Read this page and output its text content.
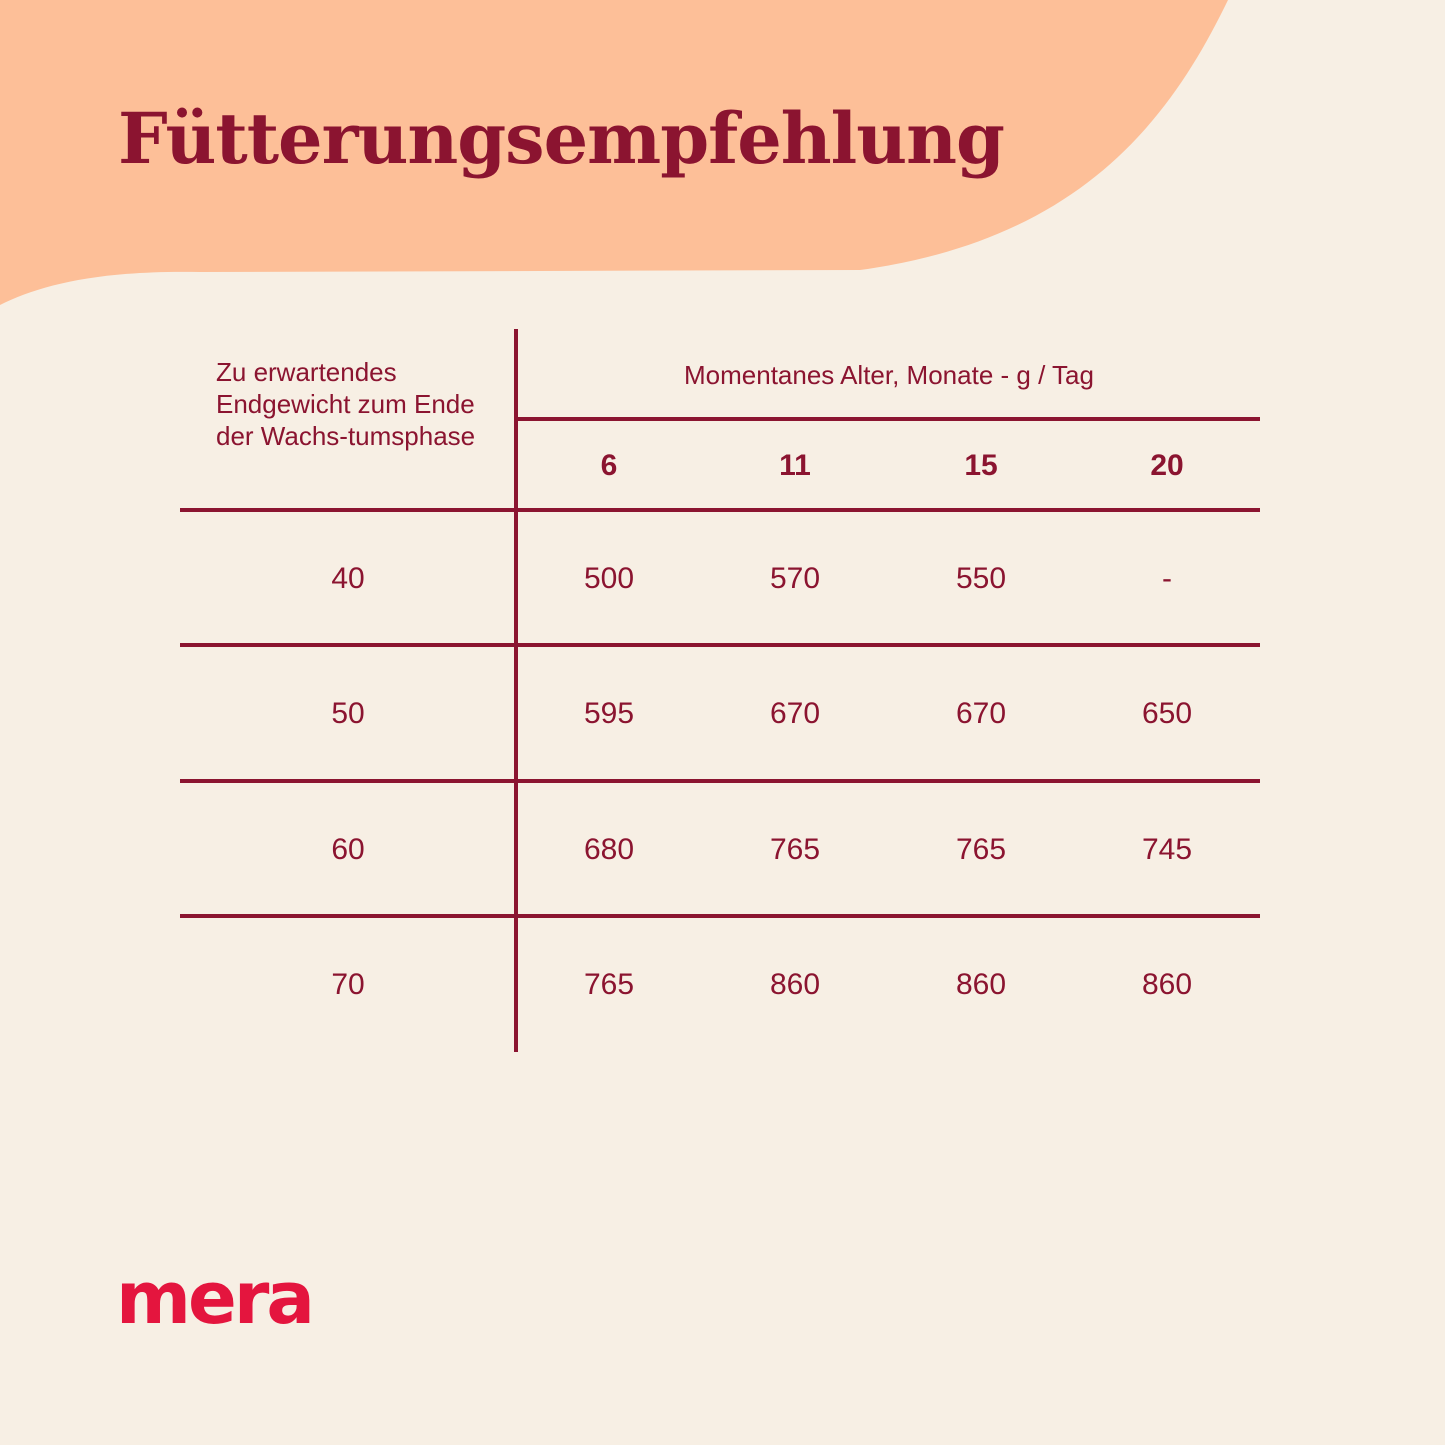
Fütterungsempfehlung
Zu erwartendes Endgewicht zum Ende der Wachs-tumsphase
Momentanes Alter, Monate - g / Tag
6	11	15	20
40	500	570	550	-
50	595	670	670	650
60	680	765	765	745
70	765	860	860	860
mera
